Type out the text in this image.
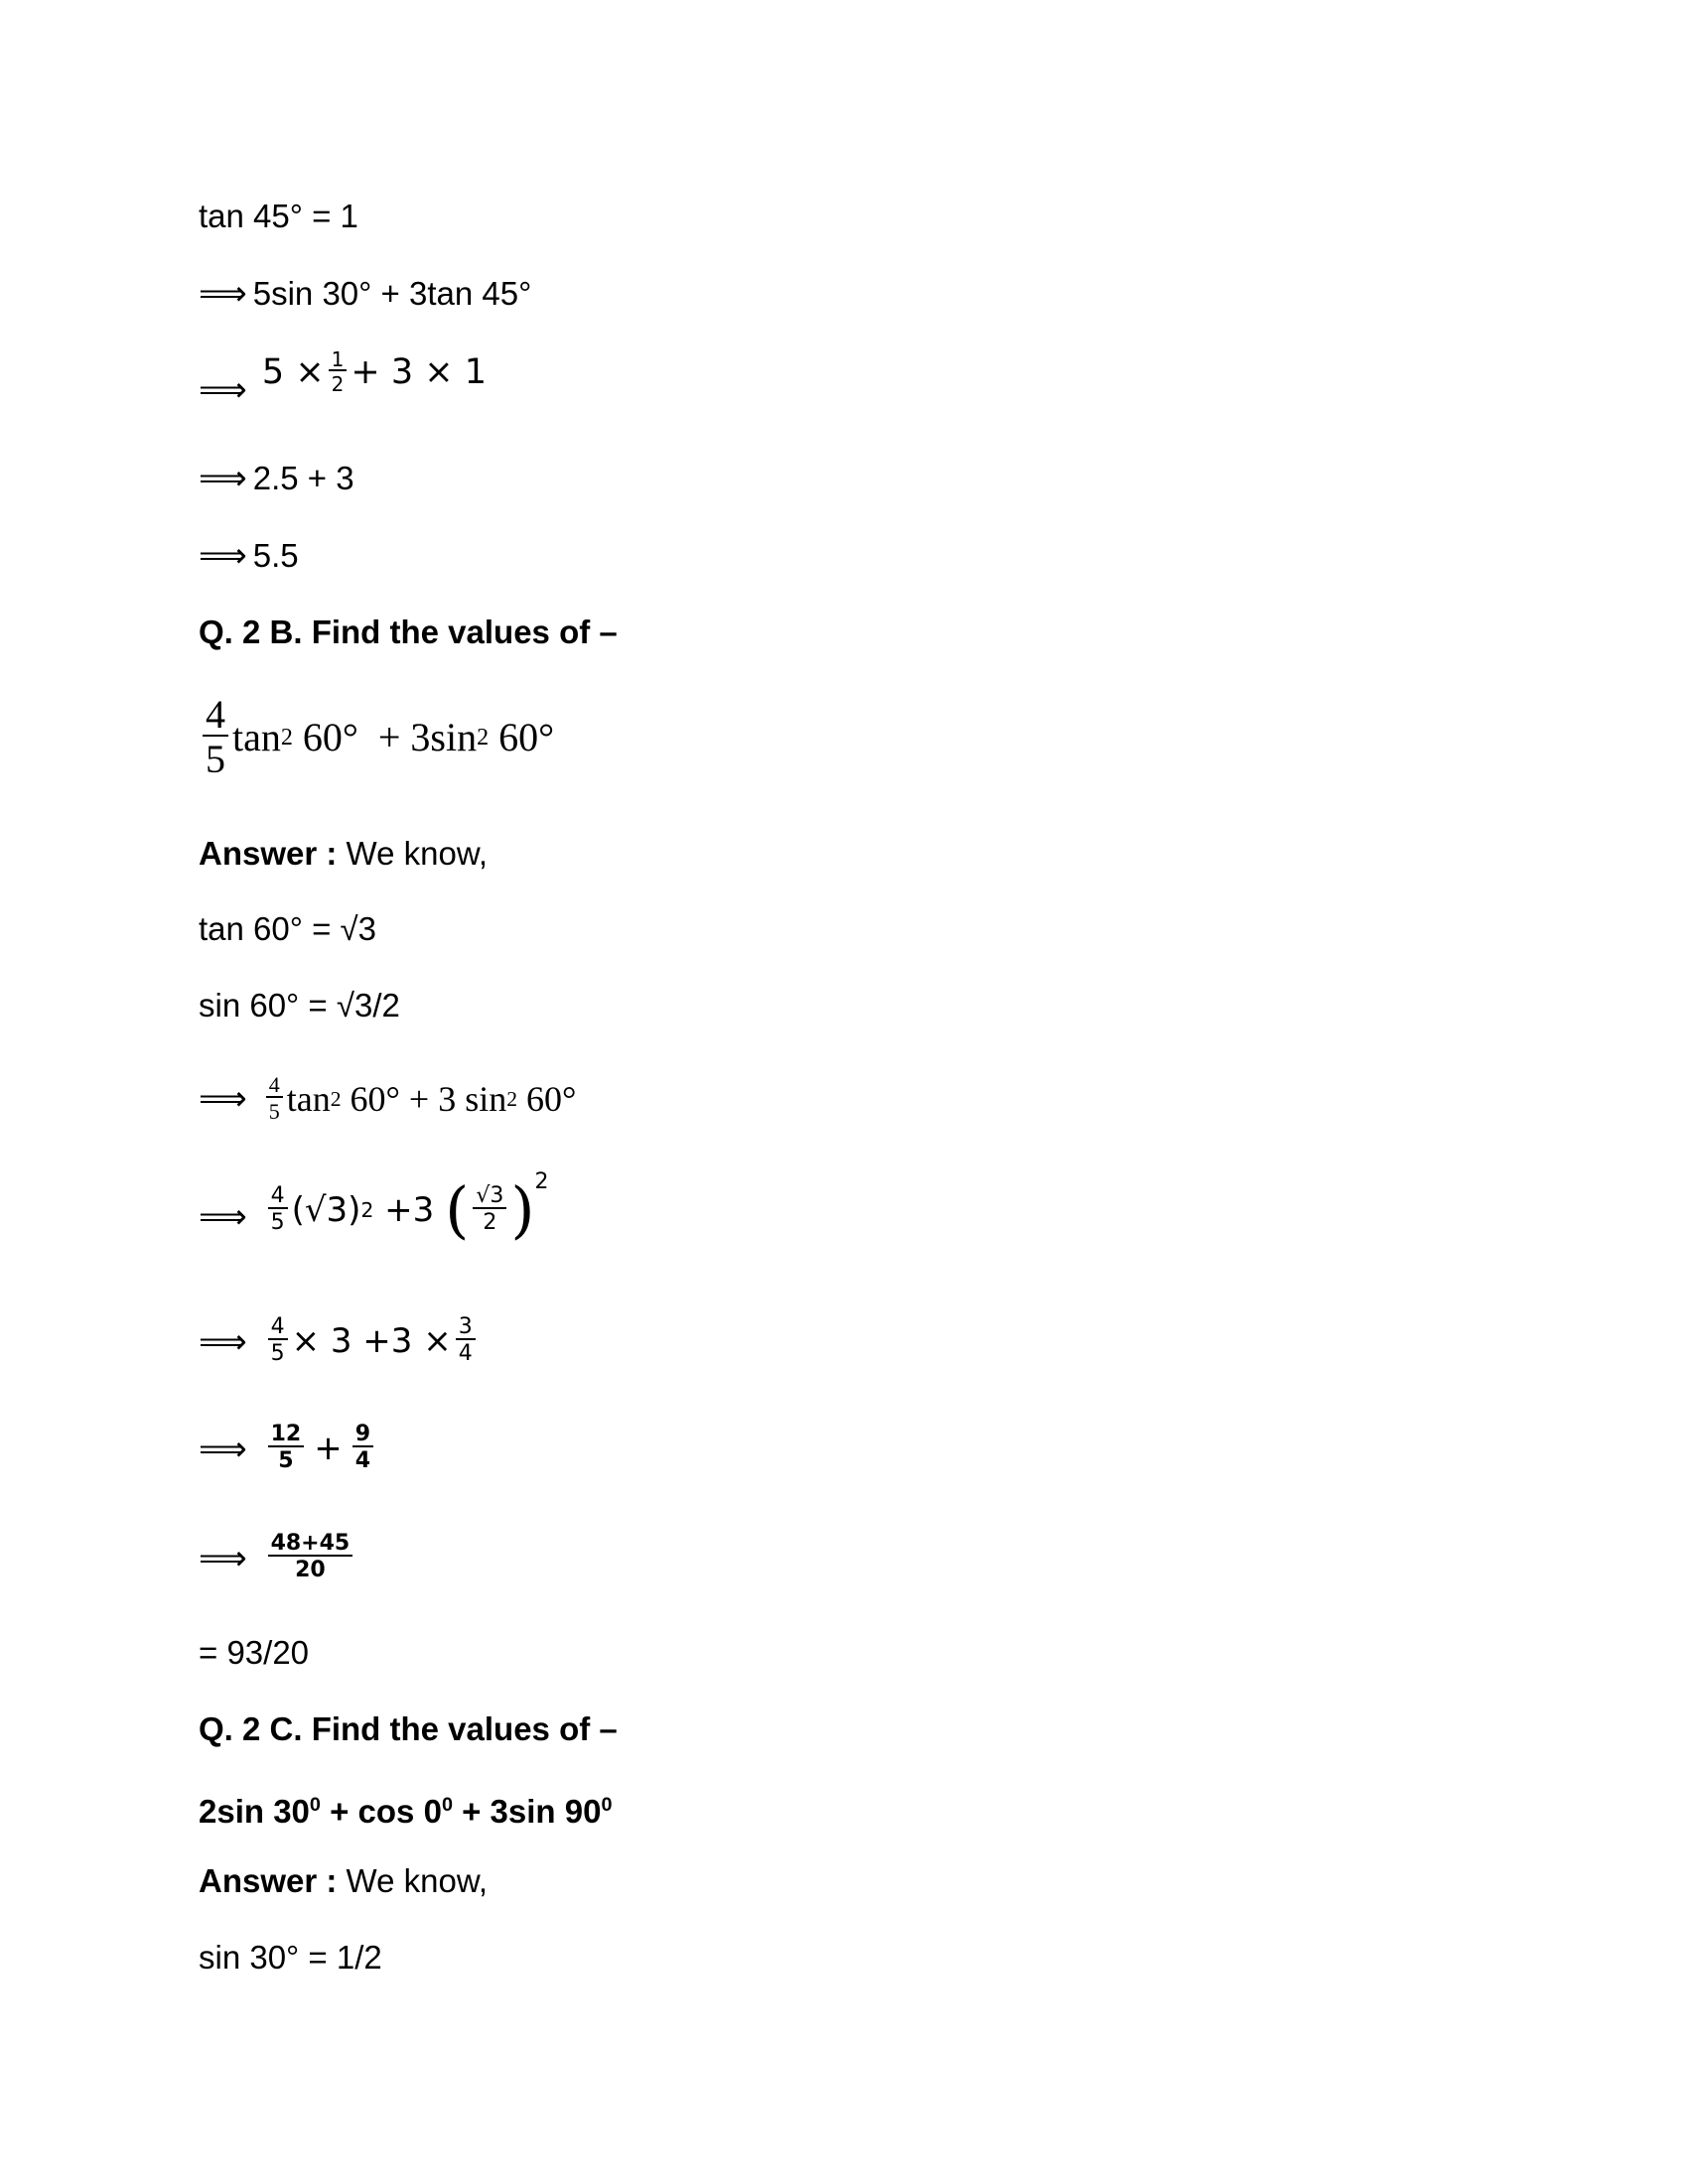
tan 45° = 1
⟹ 5sin 30° + 3tan 45°
⟹ $5 \times \frac{1}{2} + 3 \times 1$
⟹ 2.5 + 3
⟹ 5.5
Q. 2 B. Find the values of –
$\frac{4}{5}$ tan 2 60°  + 3sin 2 60°
Answer : We know,
tan 60° = √3
sin 60° = √3/2
⟹ $\frac{4}{5}$ tan 2 60° + 3 sin 2 60°
⟹ $\frac{4}{5} (√3)$ 2 +3 ( $\frac{√3}{2}$ ) 2
⟹ $\frac{4}{5} \times 3 +3 \times \frac{3}{4}$
⟹ $\frac{12}{5} + \frac{9}{4}$
⟹ $\frac{48+45}{20}$
= 93/20
Q. 2 C. Find the values of –
2sin $30^0 + \cos 0^0 + 3\sin$ $90^0$
Answer : We know,
sin 30° = 1/2
